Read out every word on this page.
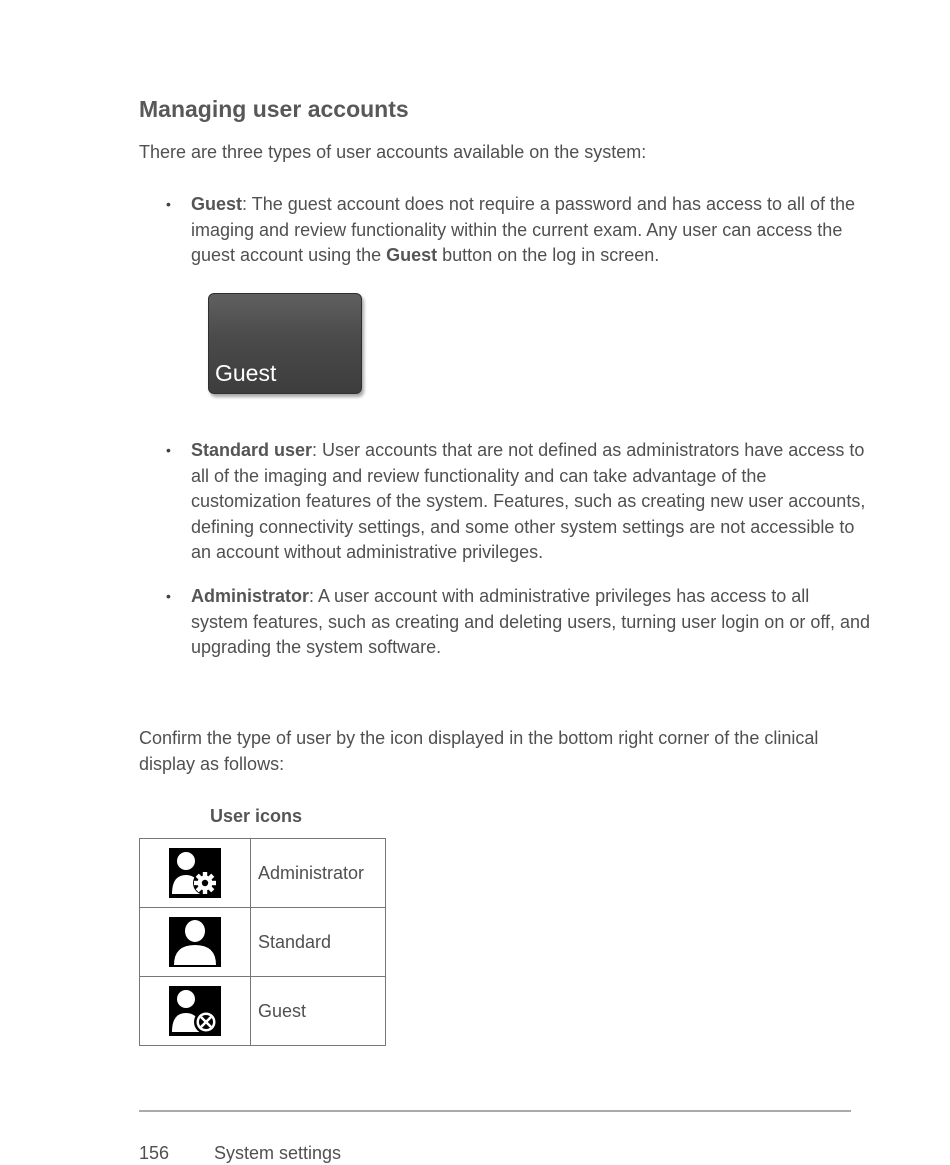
Managing user accounts

There are three types of user accounts available on the system:

• Guest: The guest account does not require a password and has access to all of the imaging and review functionality within the current exam. Any user can access the guest account using the Guest button on the log in screen.

Guest

• Standard user: User accounts that are not defined as administrators have access to all of the imaging and review functionality and can take advantage of the customization features of the system. Features, such as creating new user accounts, defining connectivity settings, and some other system settings are not accessible to an account without administrative privileges.

• Administrator: A user account with administrative privileges has access to all system features, such as creating and deleting users, turning user login on or off, and upgrading the system software.

Confirm the type of user by the icon displayed in the bottom right corner of the clinical display as follows:

User icons

	Administrator

	Standard

	Guest
156 System settings
